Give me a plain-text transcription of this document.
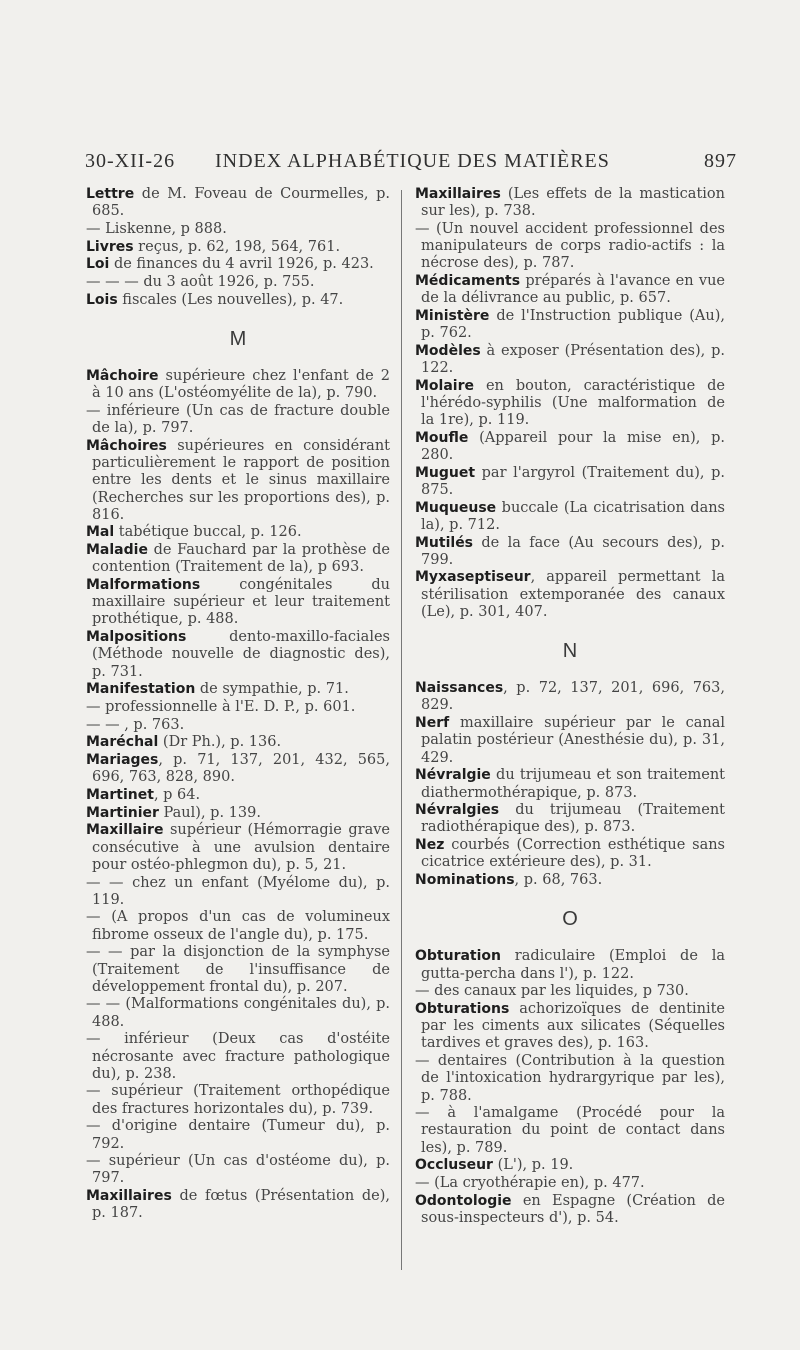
30-XII-26 INDEX ALPHABÉTIQUE DES MATIÈRES	897
Lettre de M. Foveau de Courmelles, p. 685.
— Liskenne, p 888.
Livres reçus, p. 62, 198, 564, 761.
Loi de finances du 4 avril 1926, p. 423.
— — — du 3 août 1926, p. 755.
Lois fiscales (Les nouvelles), p. 47.
M
Mâchoire supérieure chez l'enfant de 2 à 10 ans (L'ostéomyélite de la), p. 790.
— inférieure (Un cas de fracture double de la), p. 797.
Mâchoires supérieures en considérant particulièrement le rapport de position entre les dents et le sinus maxillaire (Recherches sur les proportions des), p. 816.
Mal tabétique buccal, p. 126.
Maladie de Fauchard par la prothèse de contention (Traitement de la), p 693.
Malformations congénitales du maxillaire supérieur et leur traitement prothétique, p. 488.
Malpositions dento-maxillo-faciales (Méthode nouvelle de diagnostic des), p. 731.
Manifestation de sympathie, p. 71.
— professionnelle à l'E. D. P., p. 601.
— — , p. 763.
Maréchal (Dr Ph.), p. 136.
Mariages, p. 71, 137, 201, 432, 565, 696, 763, 828, 890.
Martinet, p 64.
Martinier Paul), p. 139.
Maxillaire supérieur (Hémorragie grave consécutive à une avulsion dentaire pour ostéo-phlegmon du), p. 5, 21.
— — chez un enfant (Myélome du), p. 119.
— (A propos d'un cas de volumineux fibrome osseux de l'angle du), p. 175.
— — par la disjonction de la symphyse (Traitement de l'insuffisance de développement frontal du), p. 207.
— — (Malformations congénitales du), p. 488.
— inférieur (Deux cas d'ostéite nécrosante avec fracture pathologique du), p. 238.
— supérieur (Traitement orthopédique des fractures horizontales du), p. 739.
— d'origine dentaire (Tumeur du), p. 792.
— supérieur (Un cas d'ostéome du), p. 797.
Maxillaires de fœtus (Présentation de), p. 187.
Maxillaires (Les effets de la mastication sur les), p. 738.
— (Un nouvel accident professionnel des manipulateurs de corps radio-actifs : la nécrose des), p. 787.
Médicaments préparés à l'avance en vue de la délivrance au public, p. 657.
Ministère de l'Instruction publique (Au), p. 762.
Modèles à exposer (Présentation des), p. 122.
Molaire en bouton, caractéristique de l'hérédo-syphilis (Une malformation de la 1re), p. 119.
Moufle (Appareil pour la mise en), p. 280.
Muguet par l'argyrol (Traitement du), p. 875.
Muqueuse buccale (La cicatrisation dans la), p. 712.
Mutilés de la face (Au secours des), p. 799.
Myxaseptiseur, appareil permettant la stérilisation extemporanée des canaux (Le), p. 301, 407.
N
Naissances, p. 72, 137, 201, 696, 763, 829.
Nerf maxillaire supérieur par le canal palatin postérieur (Anesthésie du), p. 31, 429.
Névralgie du trijumeau et son traitement diathermothérapique, p. 873.
Névralgies du trijumeau (Traitement radiothérapique des), p. 873.
Nez courbés (Correction esthétique sans cicatrice extérieure des), p. 31.
Nominations, p. 68, 763.
O
Obturation radiculaire (Emploi de la gutta-percha dans l'), p. 122.
— des canaux par les liquides, p 730.
Obturations achorizoïques de dentinite par les ciments aux silicates (Séquelles tardives et graves des), p. 163.
— dentaires (Contribution à la question de l'intoxication hydrargyrique par les), p. 788.
— à l'amalgame (Procédé pour la restauration du point de contact dans les), p. 789.
Occluseur (L'), p. 19.
— (La cryothérapie en), p. 477.
Odontologie en Espagne (Création de sous-inspecteurs d'), p. 54.
